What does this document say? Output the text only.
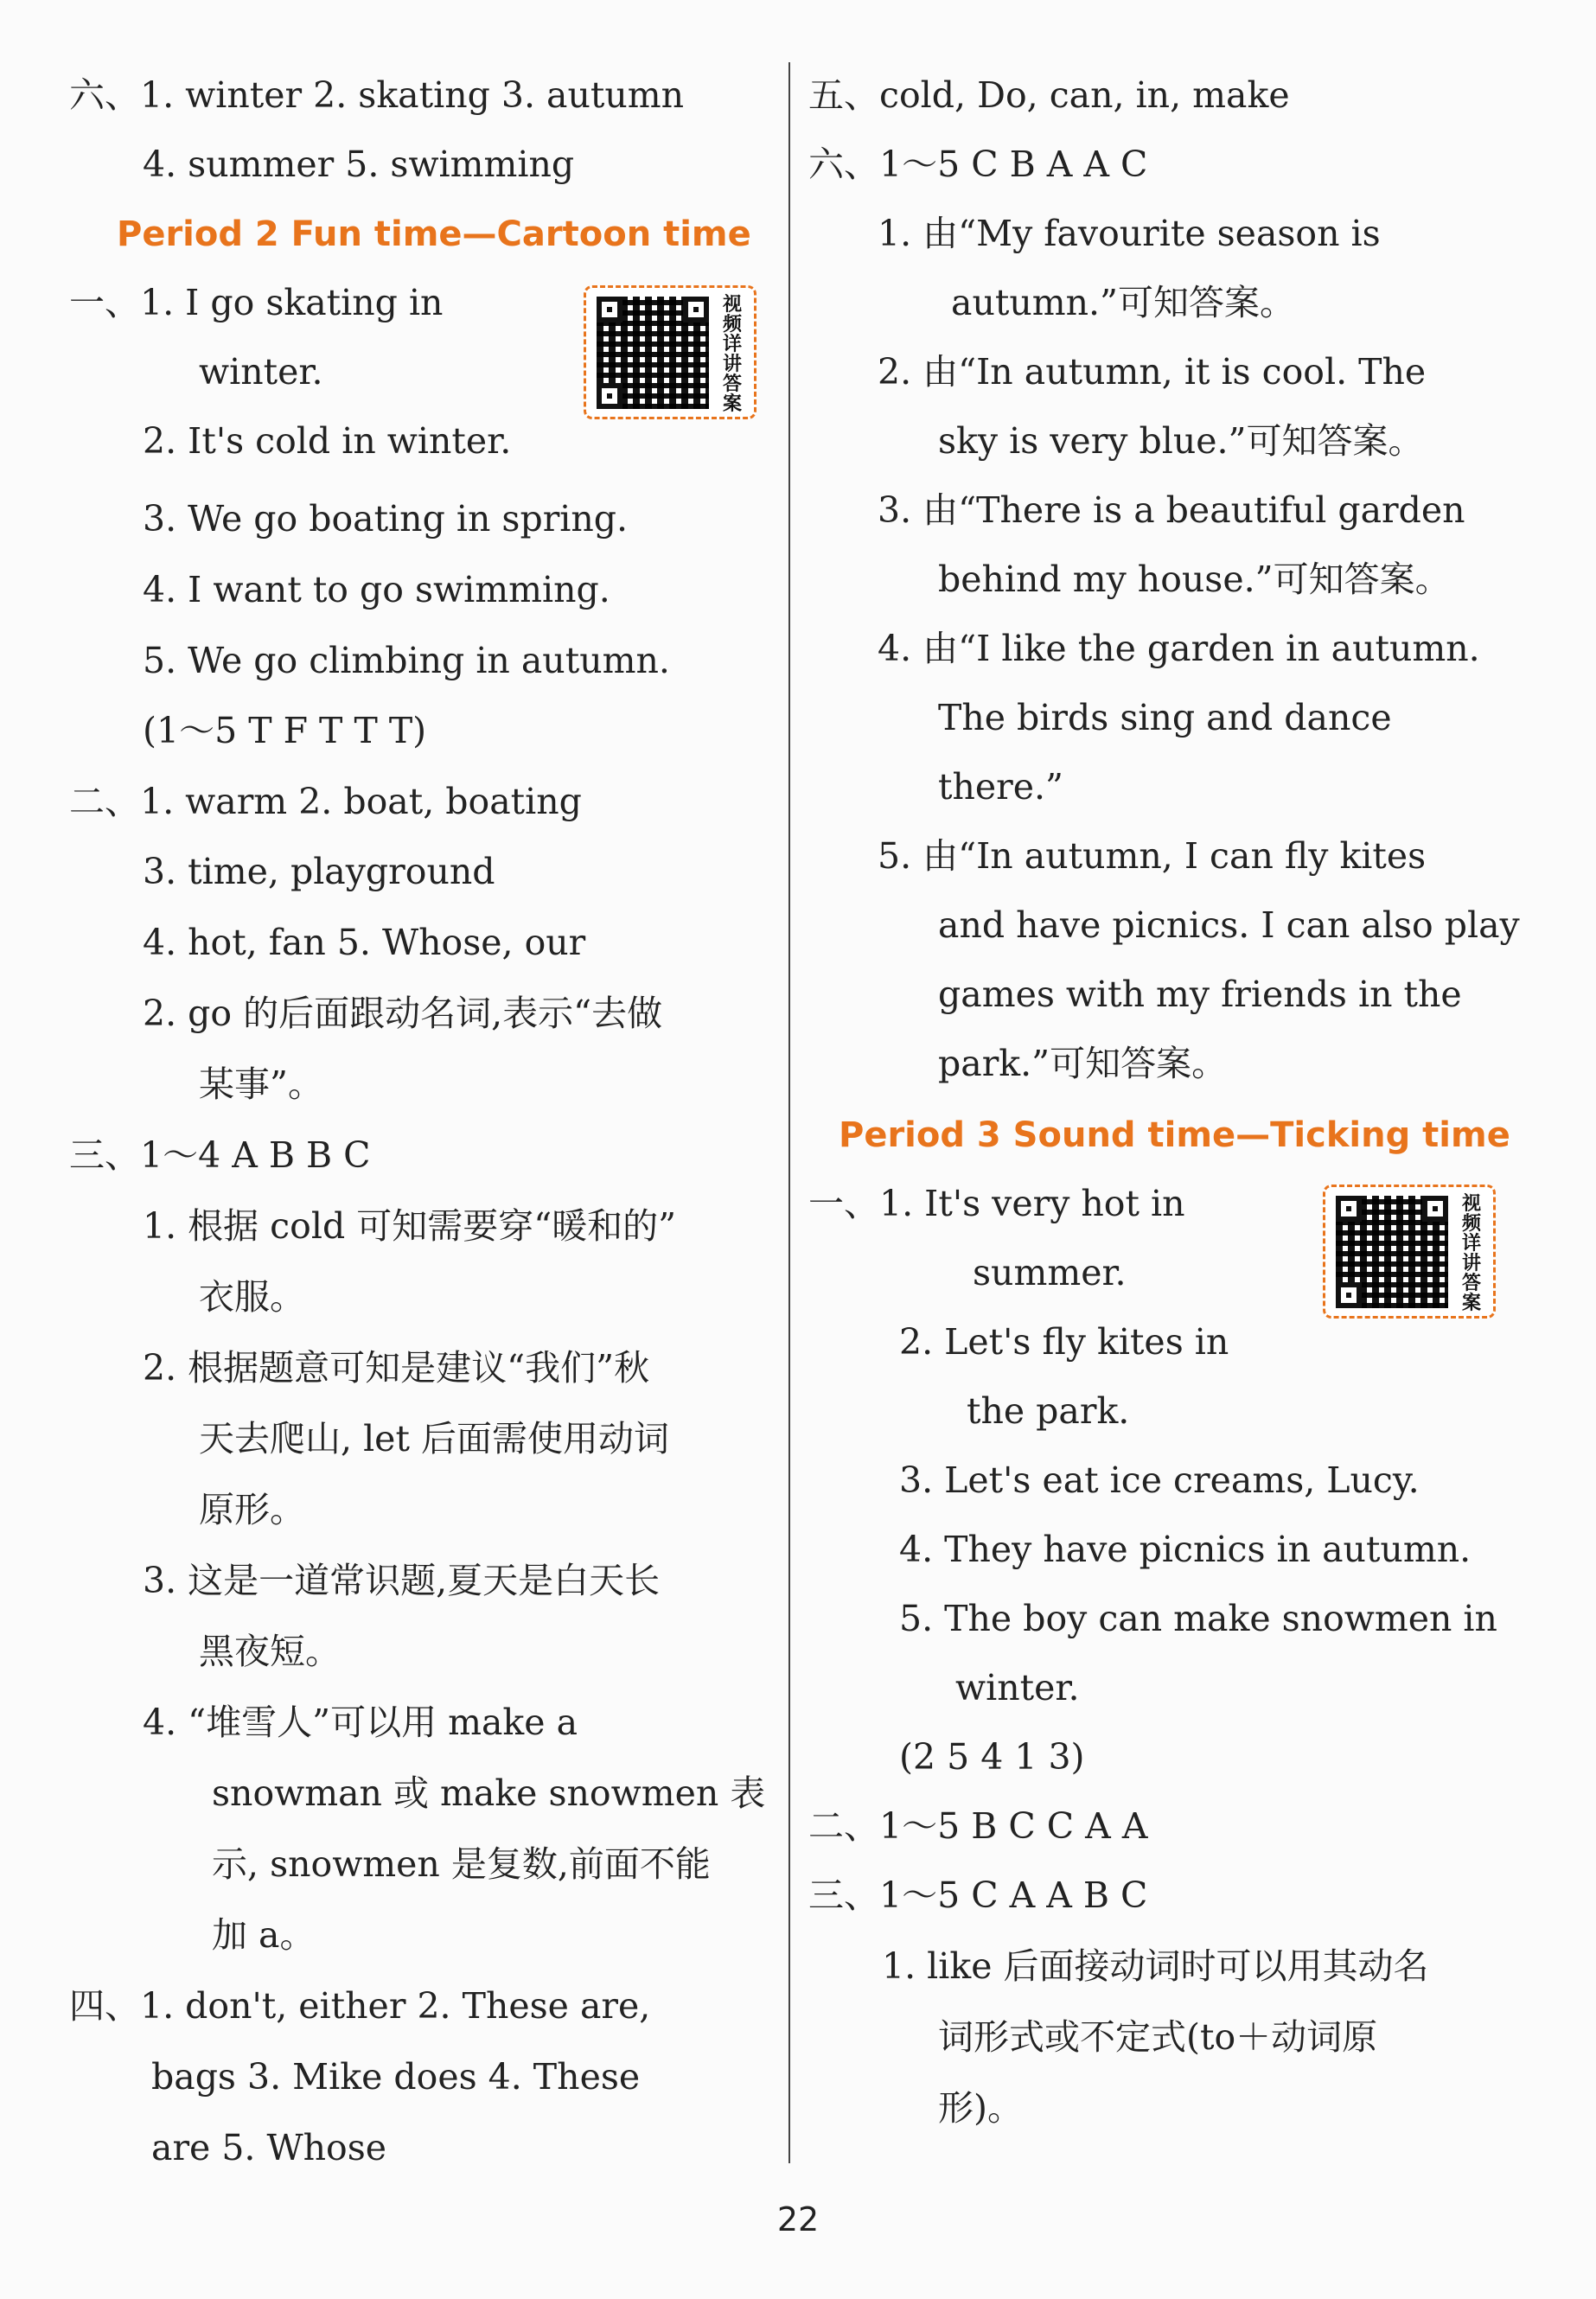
六、1. winter 2. skating 3. autumn
4. summer 5. swimming
Period 2 Fun time—Cartoon time
一、1. I go skating in
winter.
视频详讲答案
2. It's cold in winter.
3. We go boating in spring.
4. I want to go swimming.
5. We go climbing in autumn.
(1～5 T F T T T)
二、1. warm 2. boat, boating
3. time, playground
4. hot, fan 5. Whose, our
2. go 的后面跟动名词,表示“去做
某事”。
三、1～4 A B B C
1. 根据 cold 可知需要穿“暖和的”
衣服。
2. 根据题意可知是建议“我们”秋
天去爬山, let 后面需使用动词
原形。
3. 这是一道常识题,夏天是白天长
黑夜短。
4. “堆雪人”可以用 make a
snowman 或 make snowmen 表
示, snowmen 是复数,前面不能
加 a。
四、1. don't, either 2. These are,
bags 3. Mike does 4. These
are 5. Whose
五、cold, Do, can, in, make
六、1～5 C B A A C
1. 由“My favourite season is
autumn.”可知答案。
2. 由“In autumn, it is cool. The
sky is very blue.”可知答案。
3. 由“There is a beautiful garden
behind my house.”可知答案。
4. 由“I like the garden in autumn.
The birds sing and dance
there.”
5. 由“In autumn, I can fly kites
and have picnics. I can also play
games with my friends in the
park.”可知答案。
Period 3 Sound time—Ticking time
一、1. It's very hot in
summer.
视频详讲答案
2. Let's fly kites in
the park.
3. Let's eat ice creams, Lucy.
4. They have picnics in autumn.
5. The boy can make snowmen in
winter.
(2 5 4 1 3)
二、1～5 B C C A A
三、1～5 C A A B C
1. like 后面接动词时可以用其动名
词形式或不定式(to＋动词原
形)。
22
